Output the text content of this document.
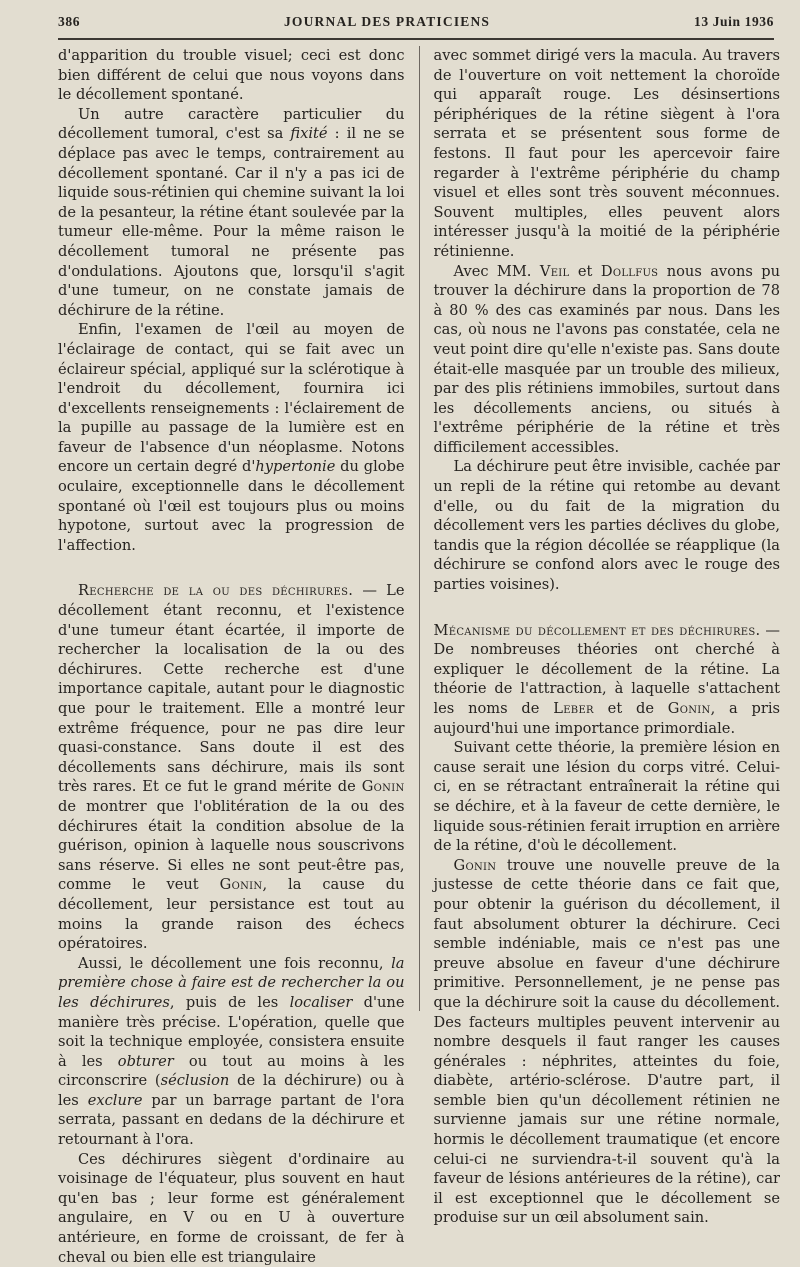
386	JOURNAL DES PRATICIENS	13 Juin 1936

d'apparition du trouble visuel; ceci est donc bien différent de celui que nous voyons dans le décollement spontané.

Un autre caractère particulier du décollement tumoral, c'est sa fixité : il ne se déplace pas avec le temps, contrairement au décollement spontané. Car il n'y a pas ici de liquide sous-rétinien qui chemine suivant la loi de la pesanteur, la rétine étant soulevée par la tumeur elle-même. Pour la même raison le décollement tumoral ne présente pas d'ondulations. Ajoutons que, lorsqu'il s'agit d'une tumeur, on ne constate jamais de déchirure de la rétine.

Enfin, l'examen de l'œil au moyen de l'éclairage de contact, qui se fait avec un éclaireur spécial, appliqué sur la sclérotique à l'endroit du décollement, fournira ici d'excellents renseignements : l'éclairement de la pupille au passage de la lumière est en faveur de l'absence d'un néoplasme. Notons encore un certain degré d'hypertonie du globe oculaire, exceptionnelle dans le décollement spontané où l'œil est toujours plus ou moins hypotone, surtout avec la progression de l'affection.

Recherche de la ou des déchirures. — Le décollement étant reconnu, et l'existence d'une tumeur étant écartée, il importe de rechercher la localisation de la ou des déchirures. Cette recherche est d'une importance capitale, autant pour le diagnostic que pour le traitement. Elle a montré leur extrême fréquence, pour ne pas dire leur quasi-constance. Sans doute il est des décollements sans déchirure, mais ils sont très rares. Et ce fut le grand mérite de Gonin de montrer que l'oblitération de la ou des déchirures était la condition absolue de la guérison, opinion à laquelle nous souscrivons sans réserve. Si elles ne sont peut-être pas, comme le veut Gonin, la cause du décollement, leur persistance est tout au moins la grande raison des échecs opératoires.

Aussi, le décollement une fois reconnu, la première chose à faire est de rechercher la ou les déchirures, puis de les localiser d'une manière très précise. L'opération, quelle que soit la technique employée, consistera ensuite à les obturer ou tout au moins à les circonscrire (séclusion de la déchirure) ou à les exclure par un barrage partant de l'ora serrata, passant en dedans de la déchirure et retournant à l'ora.

Ces déchirures siègent d'ordinaire au voisinage de l'équateur, plus souvent en haut qu'en bas ; leur forme est généralement angulaire, en V ou en U à ouverture antérieure, en forme de croissant, de fer à cheval ou bien elle est triangulaire

avec sommet dirigé vers la macula. Au travers de l'ouverture on voit nettement la choroïde qui apparaît rouge. Les désinsertions périphériques de la rétine siègent à l'ora serrata et se présentent sous forme de festons. Il faut pour les apercevoir faire regarder à l'extrême périphérie du champ visuel et elles sont très souvent méconnues. Souvent multiples, elles peuvent alors intéresser jusqu'à la moitié de la périphérie rétinienne.

Avec MM. Veil et Dollfus nous avons pu trouver la déchirure dans la proportion de 78 à 80 % des cas examinés par nous. Dans les cas, où nous ne l'avons pas constatée, cela ne veut point dire qu'elle n'existe pas. Sans doute était-elle masquée par un trouble des milieux, par des plis rétiniens immobiles, surtout dans les décollements anciens, ou situés à l'extrême périphérie de la rétine et très difficilement accessibles.

La déchirure peut être invisible, cachée par un repli de la rétine qui retombe au devant d'elle, ou du fait de la migration du décollement vers les parties déclives du globe, tandis que la région décollée se réapplique (la déchirure se confond alors avec le rouge des parties voisines).

Mécanisme du décollement et des déchirures. — De nombreuses théories ont cherché à expliquer le décollement de la rétine. La théorie de l'attraction, à laquelle s'attachent les noms de Leber et de Gonin, a pris aujourd'hui une importance primordiale.

Suivant cette théorie, la première lésion en cause serait une lésion du corps vitré. Celui-ci, en se rétractant entraînerait la rétine qui se déchire, et à la faveur de cette dernière, le liquide sous-rétinien ferait irruption en arrière de la rétine, d'où le décollement.

Gonin trouve une nouvelle preuve de la justesse de cette théorie dans ce fait que, pour obtenir la guérison du décollement, il faut absolument obturer la déchirure. Ceci semble indéniable, mais ce n'est pas une preuve absolue en faveur d'une déchirure primitive. Personnellement, je ne pense pas que la déchirure soit la cause du décollement. Des facteurs multiples peuvent intervenir au nombre desquels il faut ranger les causes générales : néphrites, atteintes du foie, diabète, artério-sclérose. D'autre part, il semble bien qu'un décollement rétinien ne survienne jamais sur une rétine normale, hormis le décollement traumatique (et encore celui-ci ne surviendra-t-il souvent qu'à la faveur de lésions antérieures de la rétine), car il est exceptionnel que le décollement se produise sur un œil absolument sain.
